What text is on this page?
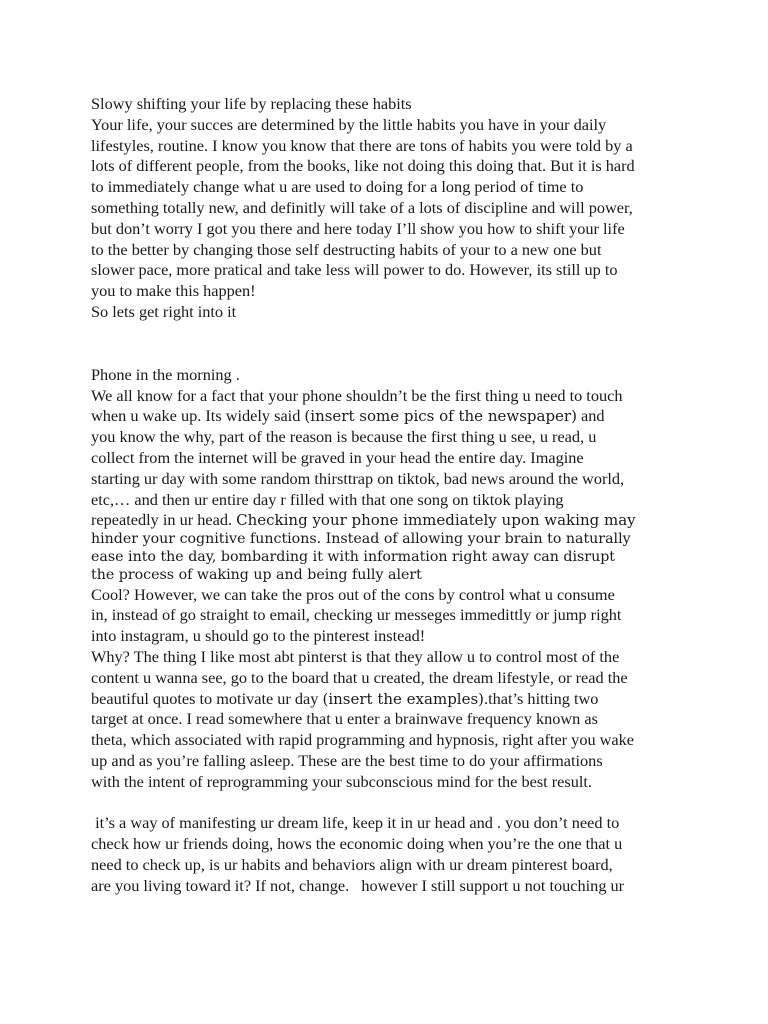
Slowy shifting your life by replacing these habits
Your life, your succes are determined by the little habits you have in your daily
lifestyles, routine. I know you know that there are tons of habits you were told by a
lots of different people, from the books, like not doing this doing that. But it is hard
to immediately change what u are used to doing for a long period of time to
something totally new, and definitly will take of a lots of discipline and will power,
but don’t worry I got you there and here today I’ll show you how to shift your life
to the better by changing those self destructing habits of your to a new one but
slower pace, more pratical and take less will power to do. However, its still up to
you to make this happen!
So lets get right into it
Phone in the morning .
We all know for a fact that your phone shouldn’t be the first thing u need to touch
when u wake up. Its widely said (insert some pics of the newspaper) and
you know the why, part of the reason is because the first thing u see, u read, u
collect from the internet will be graved in your head the entire day. Imagine
starting ur day with some random thirsttrap on tiktok, bad news around the world,
etc,… and then ur entire day r filled with that one song on tiktok playing
repeatedly in ur head. Checking your phone immediately upon waking may
hinder your cognitive functions. Instead of allowing your brain to naturally
ease into the day, bombarding it with information right away can disrupt
the process of waking up and being fully alert
Cool? However, we can take the pros out of the cons by control what u consume
in, instead of go straight to email, checking ur messeges immedittly or jump right
into instagram, u should go to the pinterest instead!
Why? The thing I like most abt pinterst is that they allow u to control most of the
content u wanna see, go to the board that u created, the dream lifestyle, or read the
beautiful quotes to motivate ur day (insert the examples).that’s hitting two
target at once. I read somewhere that u enter a brainwave frequency known as
theta, which associated with rapid programming and hypnosis, right after you wake
up and as you’re falling asleep. These are the best time to do your affirmations
with the intent of reprogramming your subconscious mind for the best result.
it’s a way of manifesting ur dream life, keep it in ur head and . you don’t need to
check how ur friends doing, hows the economic doing when you’re the one that u
need to check up, is ur habits and behaviors align with ur dream pinterest board,
are you living toward it? If not, change.   however I still support u not touching ur
